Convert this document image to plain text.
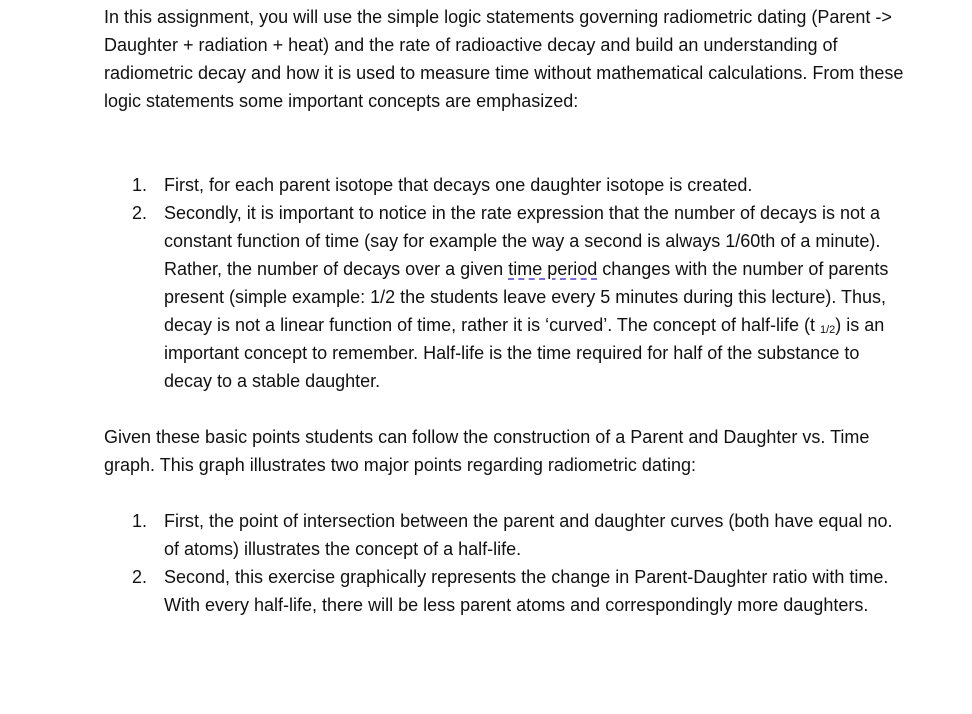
In this assignment, you will use the simple logic statements governing radiometric dating (Parent -> Daughter + radiation + heat) and the rate of radioactive decay and build an understanding of radiometric decay and how it is used to measure time without mathematical calculations. From these logic statements some important concepts are emphasized:

1. First, for each parent isotope that decays one daughter isotope is created.
2. Secondly, it is important to notice in the rate expression that the number of decays is not a constant function of time (say for example the way a second is always 1/60th of a minute). Rather, the number of decays over a given time period changes with the number of parents present (simple example: 1/2 the students leave every 5 minutes during this lecture). Thus, decay is not a linear function of time, rather it is ‘curved’. The concept of half-life (t $_{1/2}$) is an important concept to remember. Half-life is the time required for half of the substance to decay to a stable daughter.

Given these basic points students can follow the construction of a Parent and Daughter vs. Time graph. This graph illustrates two major points regarding radiometric dating:

1. First, the point of intersection between the parent and daughter curves (both have equal no. of atoms) illustrates the concept of a half-life.
2. Second, this exercise graphically represents the change in Parent-Daughter ratio with time. With every half-life, there will be less parent atoms and correspondingly more daughters.
